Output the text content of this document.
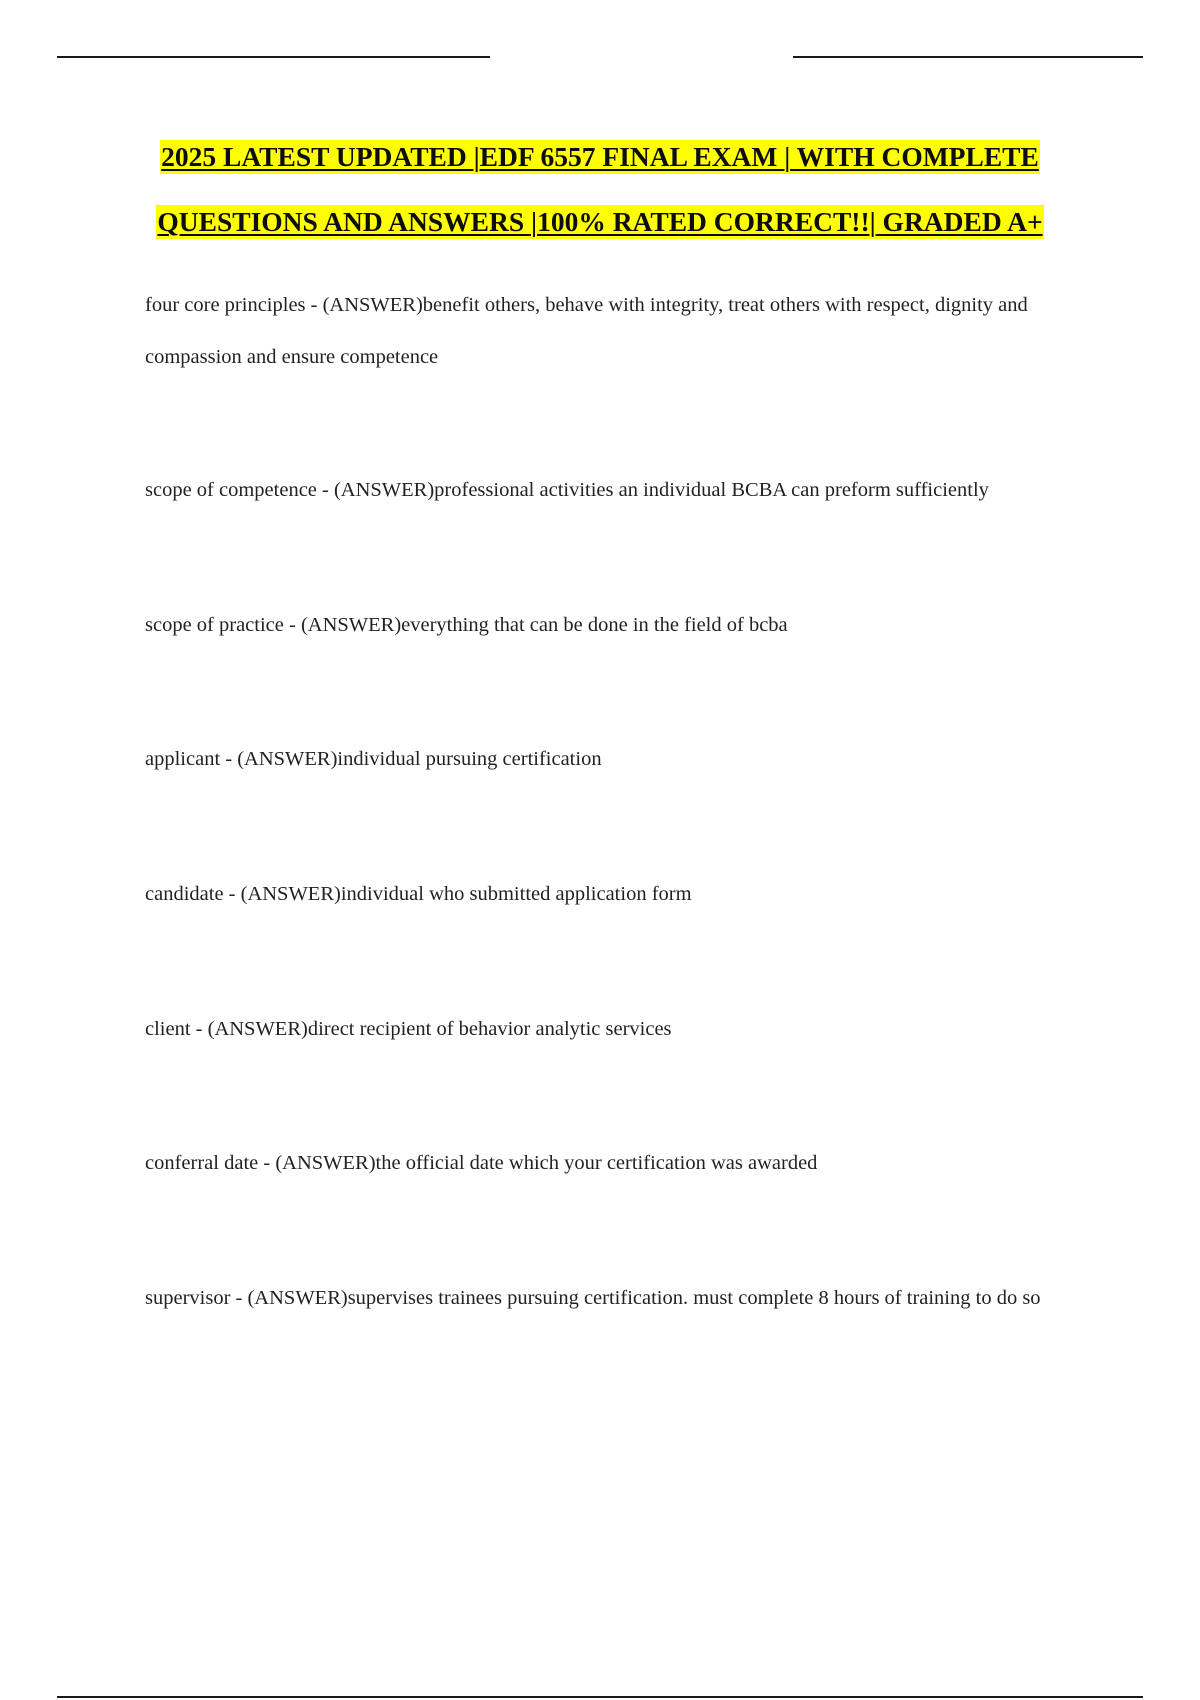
2025 LATEST UPDATED |EDF 6557 FINAL EXAM | WITH COMPLETE
QUESTIONS AND ANSWERS |100% RATED CORRECT!!| GRADED A+

four core principles - (ANSWER)benefit others, behave with integrity, treat others with respect, dignity and compassion and ensure competence

scope of competence - (ANSWER)professional activities an individual BCBA can preform sufficiently

scope of practice - (ANSWER)everything that can be done in the field of bcba

applicant - (ANSWER)individual pursuing certification

candidate - (ANSWER)individual who submitted application form

client - (ANSWER)direct recipient of behavior analytic services

conferral date - (ANSWER)the official date which your certification was awarded

supervisor - (ANSWER)supervises trainees pursuing certification. must complete 8 hours of training to do so
